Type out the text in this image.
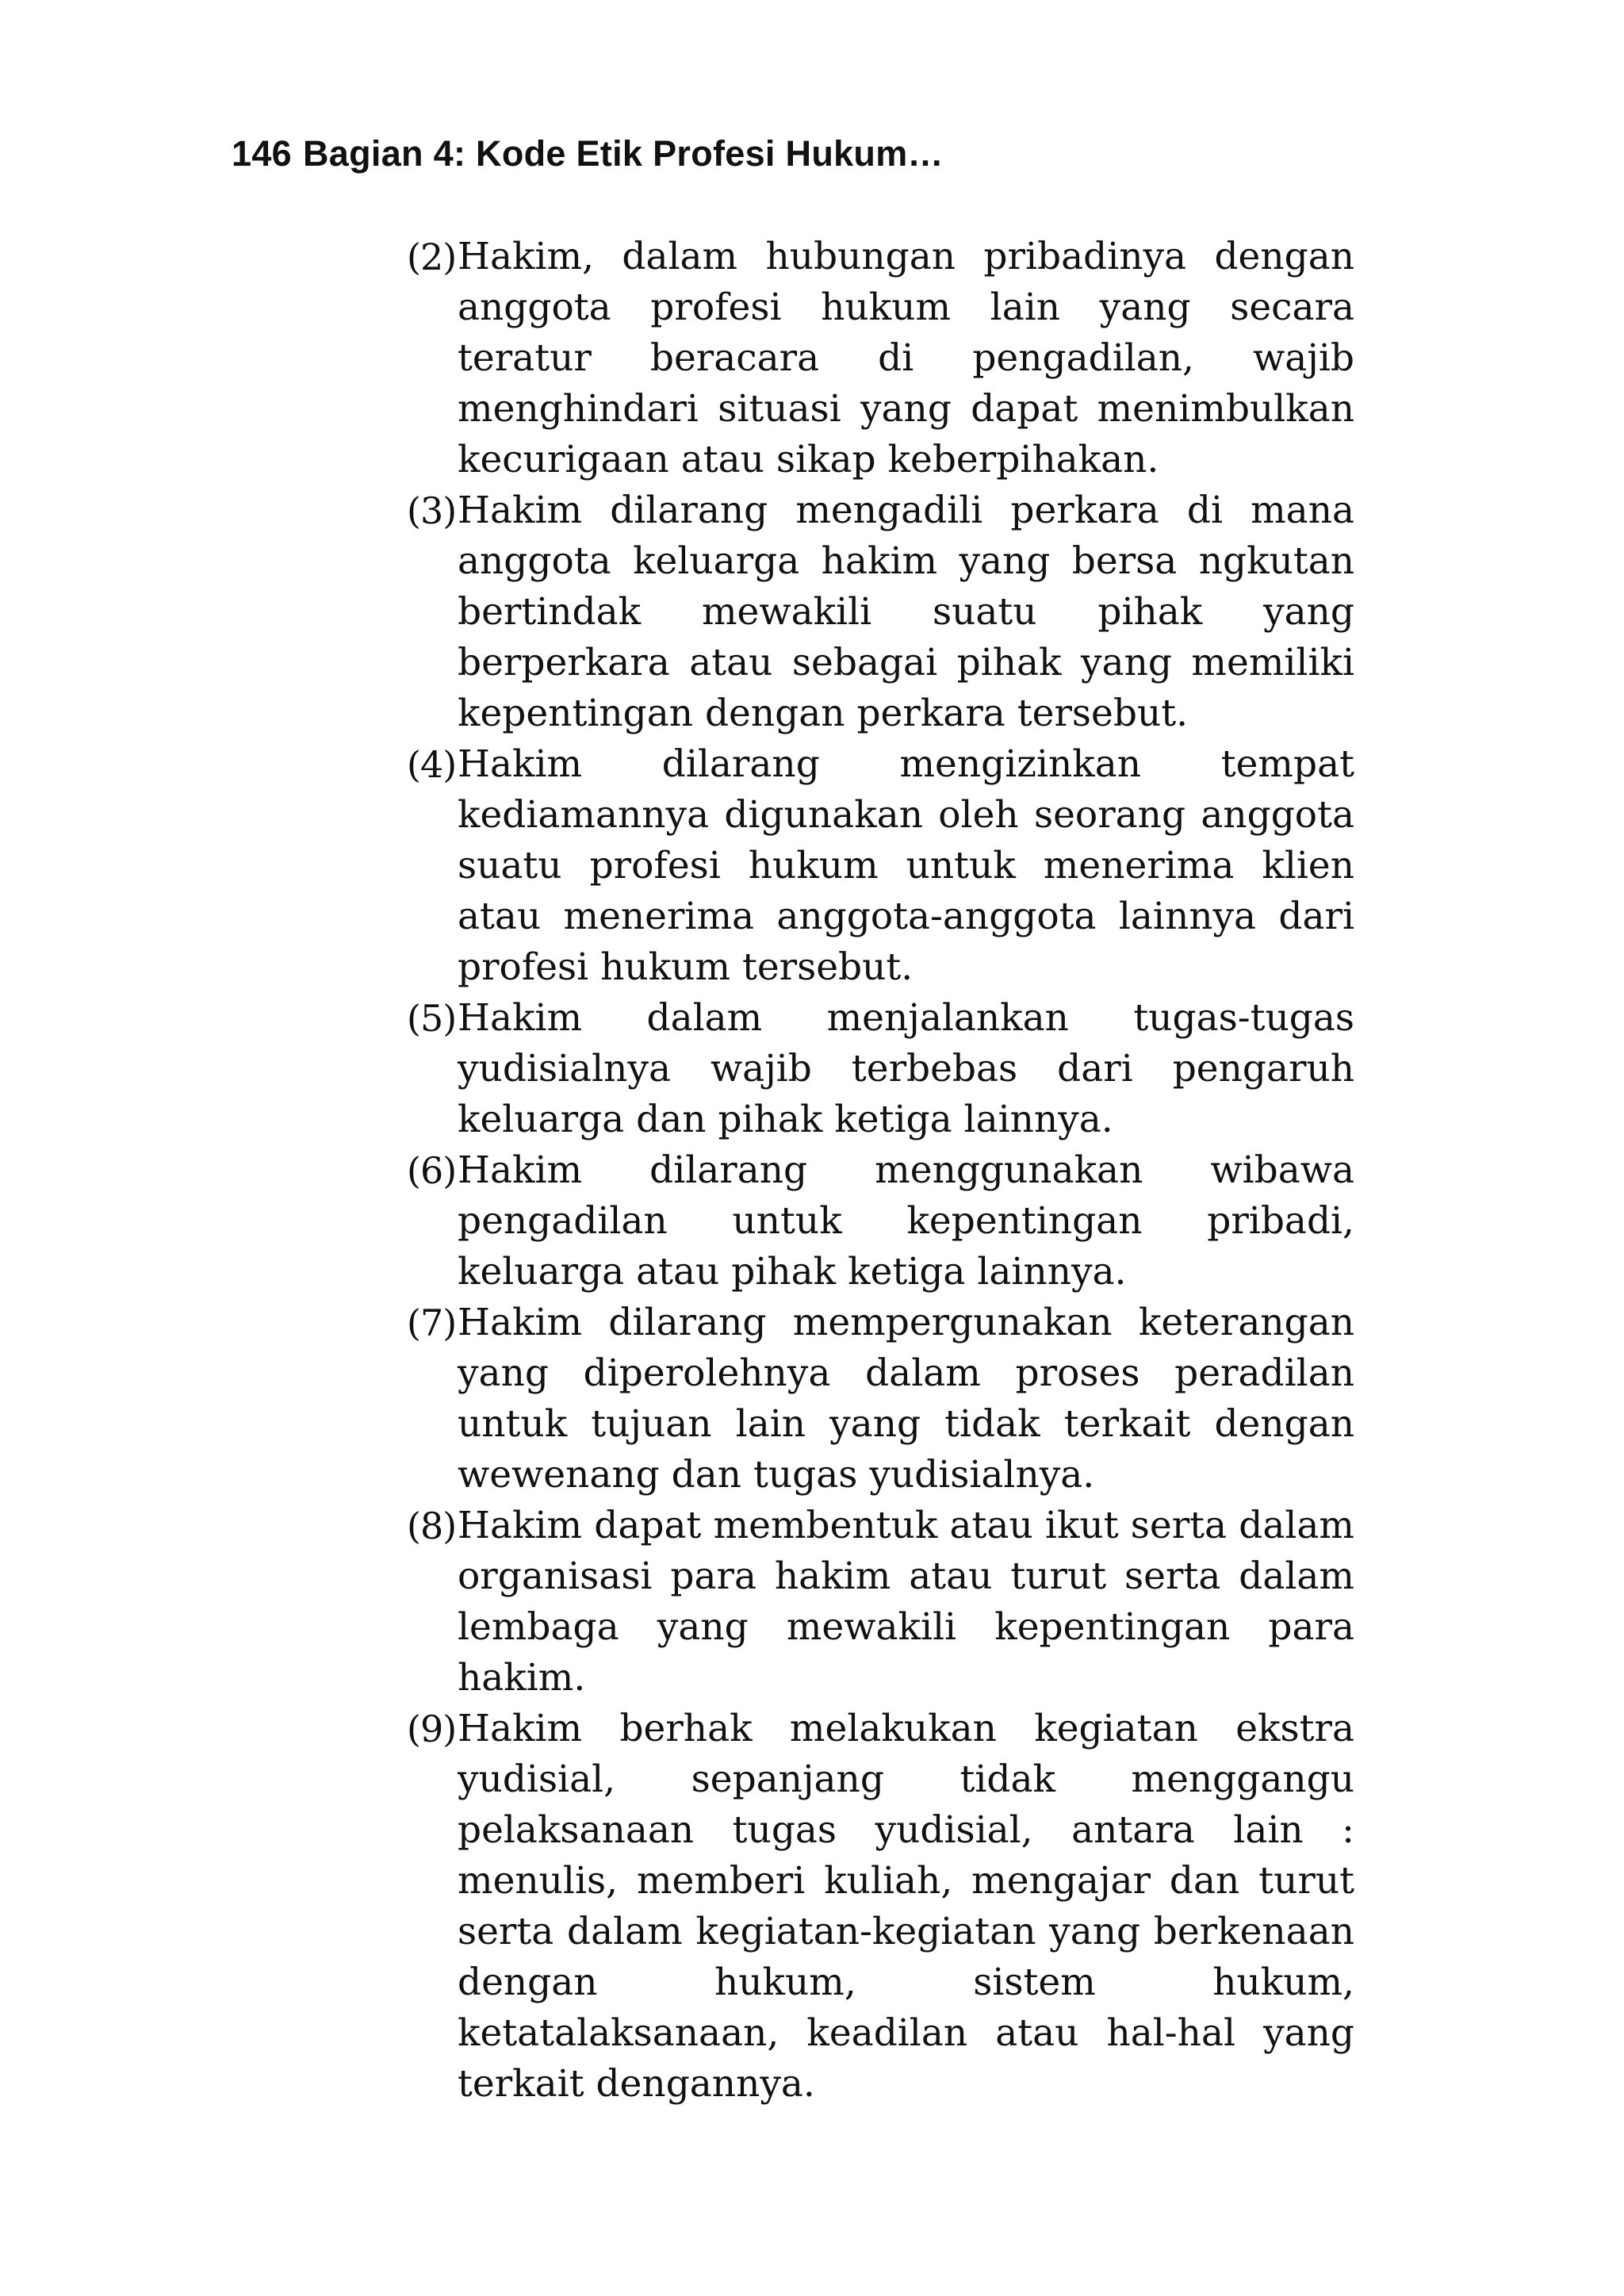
146 Bagian 4: Kode Etik Profesi Hukum…
(2) Hakim, dalam hubungan pribadinya dengan anggota profesi hukum lain yang secara teratur beracara di pengadilan, wajib menghindari situasi yang dapat menimbulkan kecurigaan atau sikap keberpihakan.
(3) Hakim dilarang mengadili perkara di mana anggota keluarga hakim yang bersa ngkutan bertindak mewakili suatu pihak yang berperkara atau sebagai pihak yang memiliki kepentingan dengan perkara tersebut.
(4) Hakim dilarang mengizinkan tempat kediamannya digunakan oleh seorang anggota suatu profesi hukum untuk menerima klien atau menerima anggota-anggota lainnya dari profesi hukum tersebut.
(5) Hakim dalam menjalankan tugas-tugas yudisialnya wajib terbebas dari pengaruh keluarga dan pihak ketiga lainnya.
(6) Hakim dilarang menggunakan wibawa pengadilan untuk kepentingan pribadi, keluarga atau pihak ketiga lainnya.
(7) Hakim dilarang mempergunakan keterangan yang diperolehnya dalam proses peradilan untuk tujuan lain yang tidak terkait dengan wewenang dan tugas yudisialnya.
(8) Hakim dapat membentuk atau ikut serta dalam organisasi para hakim atau turut serta dalam lembaga yang mewakili kepentingan para hakim.
(9) Hakim berhak melakukan kegiatan ekstra yudisial, sepanjang tidak menggangu pelaksanaan tugas yudisial, antara lain : menulis, memberi kuliah, mengajar dan turut serta dalam kegiatan-kegiatan yang berkenaan dengan hukum, sistem hukum, ketatalaksanaan, keadilan atau hal-hal yang terkait dengannya.
